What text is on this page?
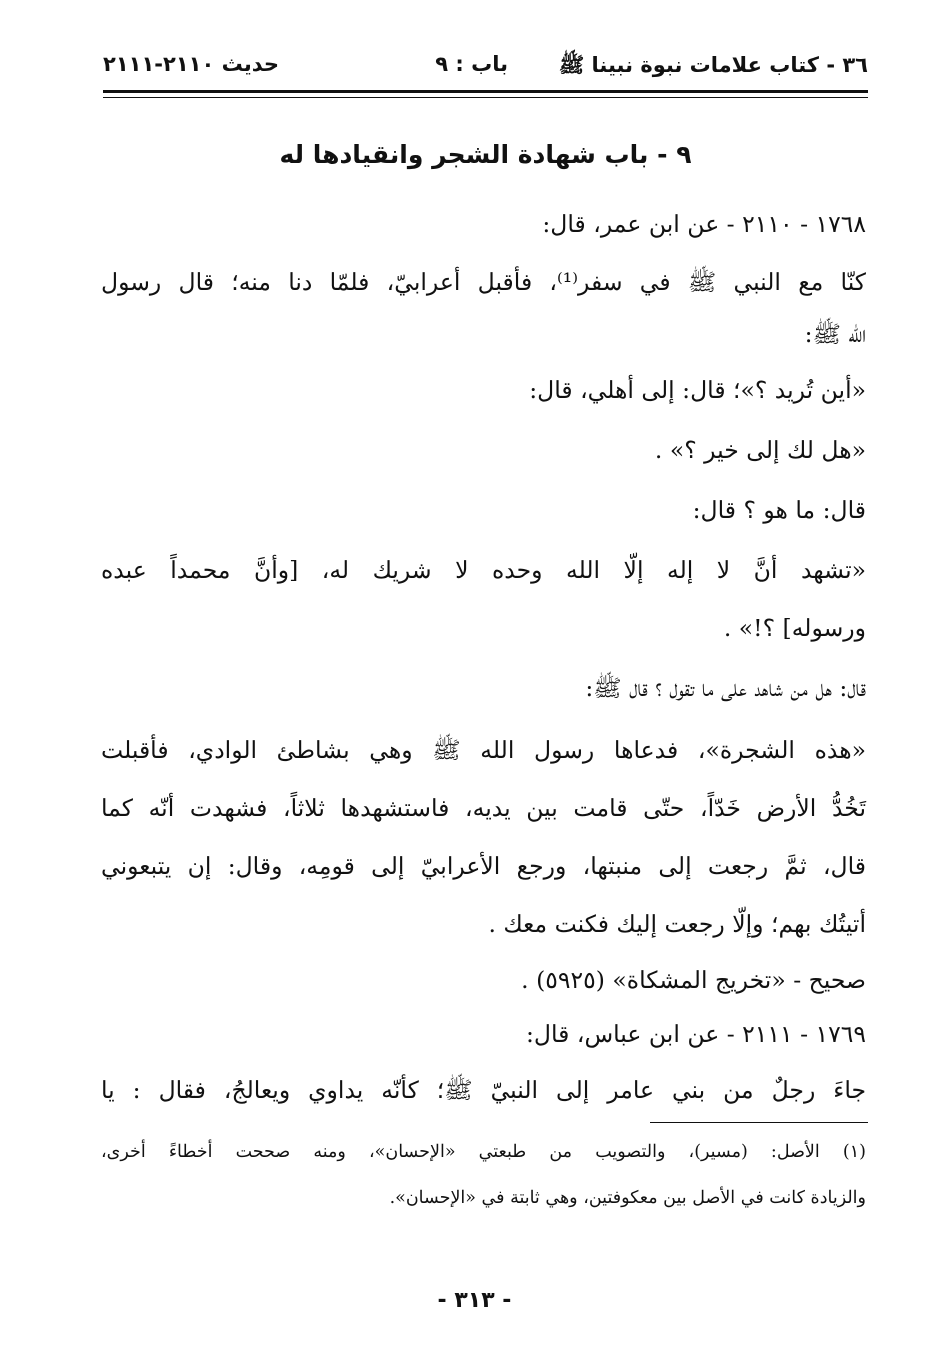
٣٦ - كتاب علامات نبوة نبينا ﷺ
باب : ٩
حديث ٢١١٠-٢١١١
٩ - باب شهادة الشجر وانقيادها له
١٧٦٨ - ٢١١٠ - عن ابن عمر، قال:
كنّا مع النبي ﷺ في سفر⁽¹⁾، فأقبل أعرابيّ، فلمّا دنا منه؛ قال رسول
الله ﷺ:
«أين تُريد ؟»؛ قال: إلى أهلي، قال:
«هل لك إلى خير ؟» .
قال: ما هو ؟ قال:
«تشهد أنَّ لا إله إلّا الله وحده لا شريك له، [وأنَّ محمداً عبده
ورسوله] ؟!» .
قال: هل من شاهد على ما تقول ؟ قال ﷺ:
«هذه الشجرة»، فدعاها رسول الله ﷺ وهي بشاطئ الوادي، فأقبلت
تَخُدُّ الأرض خَدّاً، حتّى قامت بين يديه، فاستشهدها ثلاثاً، فشهدت أنّه كما
قال، ثمَّ رجعت إلى منبتها، ورجع الأعرابيّ إلى قومِه، وقال: إن يتبعوني
أتيتُك بهم؛ وإلّا رجعت إليك فكنت معك .
صحيح - «تخريج المشكاة» (٥٩٢٥) .
١٧٦٩ - ٢١١١ - عن ابن عباس، قال:
جاءَ رجلٌ من بني عامر إلى النبيّ ﷺ؛ كأنّه يداوي ويعالجُ، فقال : يا
(١) الأصل: (مسير)، والتصويب من طبعتي «الإحسان»، ومنه صححت أخطاءً أخرى،
والزيادة كانت في الأصل بين معكوفتين، وهي ثابتة في «الإحسان».
- ٣١٣ -
